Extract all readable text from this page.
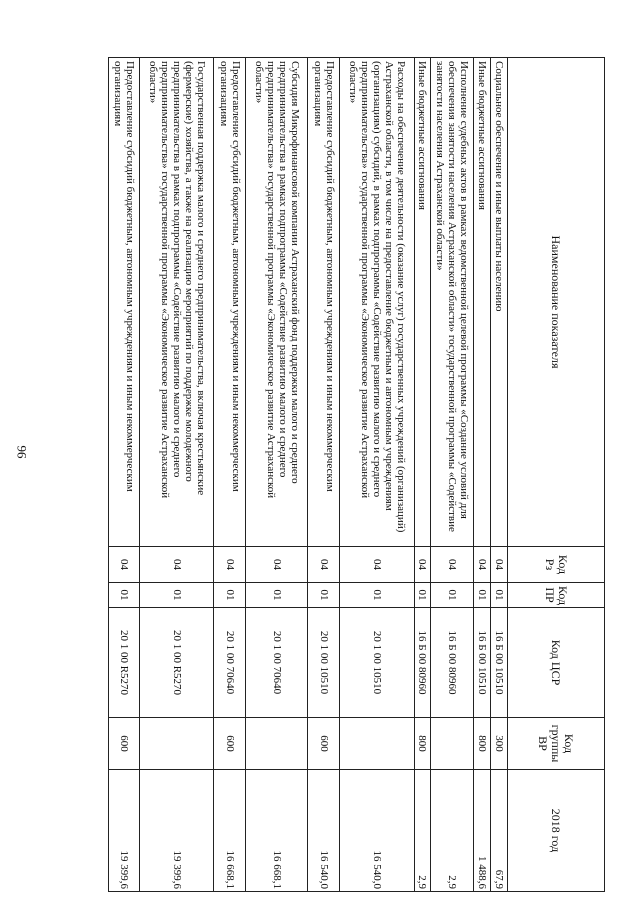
96
Наименование показателя	Код Рз	Код ПР	Код ЦСР	Код группы ВР	2018 год
Социальное обеспечение и иные выплаты населению	04	01	16 Б 00 10510	300	67,9
Иные бюджетные ассигнования	04	01	16 Б 00 10510	800	1 488,6
Исполнение судебных актов в рамках ведомственной целевой программы «Создание условий для обеспечения занятости населения Астраханской области» государственной программы «Содействие занятости населения Астраханской области»	04	01	16 Б 00 80960		2,9
Иные бюджетные ассигнования	04	01	16 Б 00 80960	800	2,9
Расходы на обеспечение деятельности (оказание услуг) государственных учреждений (организаций) Астраханской области, в том числе на предоставление бюджетным и автономным учреждениям (организациям) субсидий, в рамках подпрограммы «Содействие развитию малого и среднего предпринимательства» государственной программы «Экономическое развитие Астраханской области»	04	01	20 1 00 10510		16 540,0
Предоставление субсидий бюджетным, автономным учреждениям и иным некоммерческим организациям	04	01	20 1 00 10510	600	16 540,0
Субсидия Микрофинансовой компании Астраханский фонд поддержки малого и среднего предпринимательства в рамках подпрограммы «Содействие развитию малого и среднего предпринимательства» государственной программы «Экономическое развитие Астраханской области»	04	01	20 1 00 70640		16 668,1
Предоставление субсидий бюджетным, автономным учреждениям и иным некоммерческим организациям	04	01	20 1 00 70640	600	16 668,1
Государственная поддержка малого и среднего предпринимательства, включая крестьянские (фермерские) хозяйства, а также на реализацию мероприятий по поддержке молодежного предпринимательства в рамках подпрограммы «Содействие развитию малого и среднего предпринимательства» государственной программы «Экономическое развитие Астраханской области»	04	01	20 1 00 R5270		19 399,6
Предоставление субсидий бюджетным, автономным учреждениям и иным некоммерческим организациям	04	01	20 1 00 R5270	600	19 399,6
